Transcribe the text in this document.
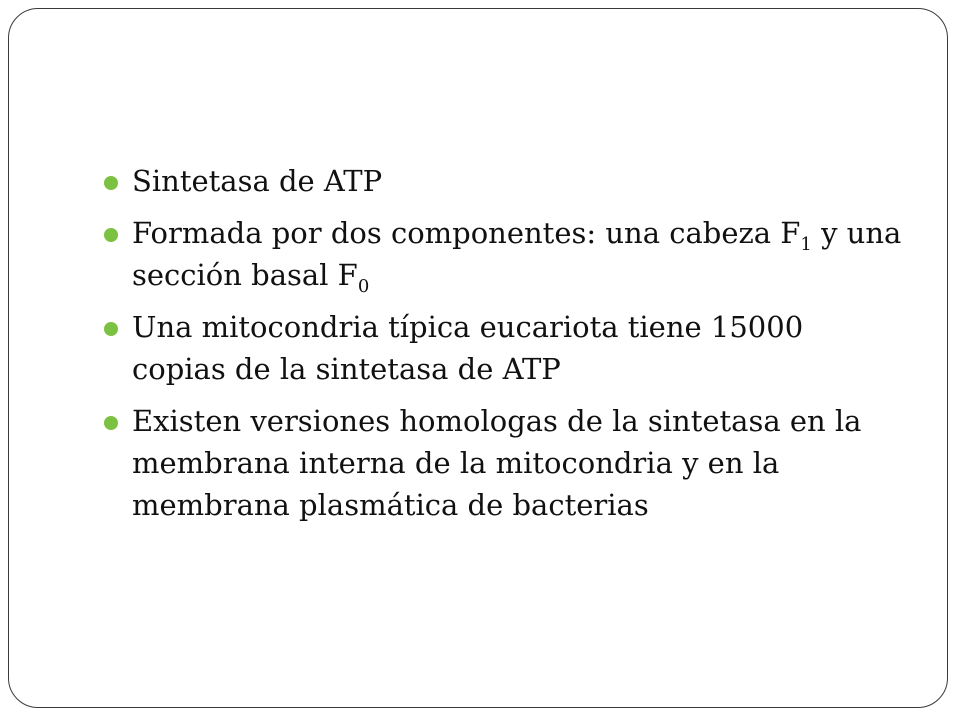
Sintetasa de ATP
Formada por dos componentes: una cabeza $F_1$ y una sección basal $F_0$
Una mitocondria típica eucariota tiene 15000 copias de la sintetasa de ATP
Existen versiones homologas de la sintetasa en la membrana interna de la mitocondria y en la membrana plasmática de bacterias
